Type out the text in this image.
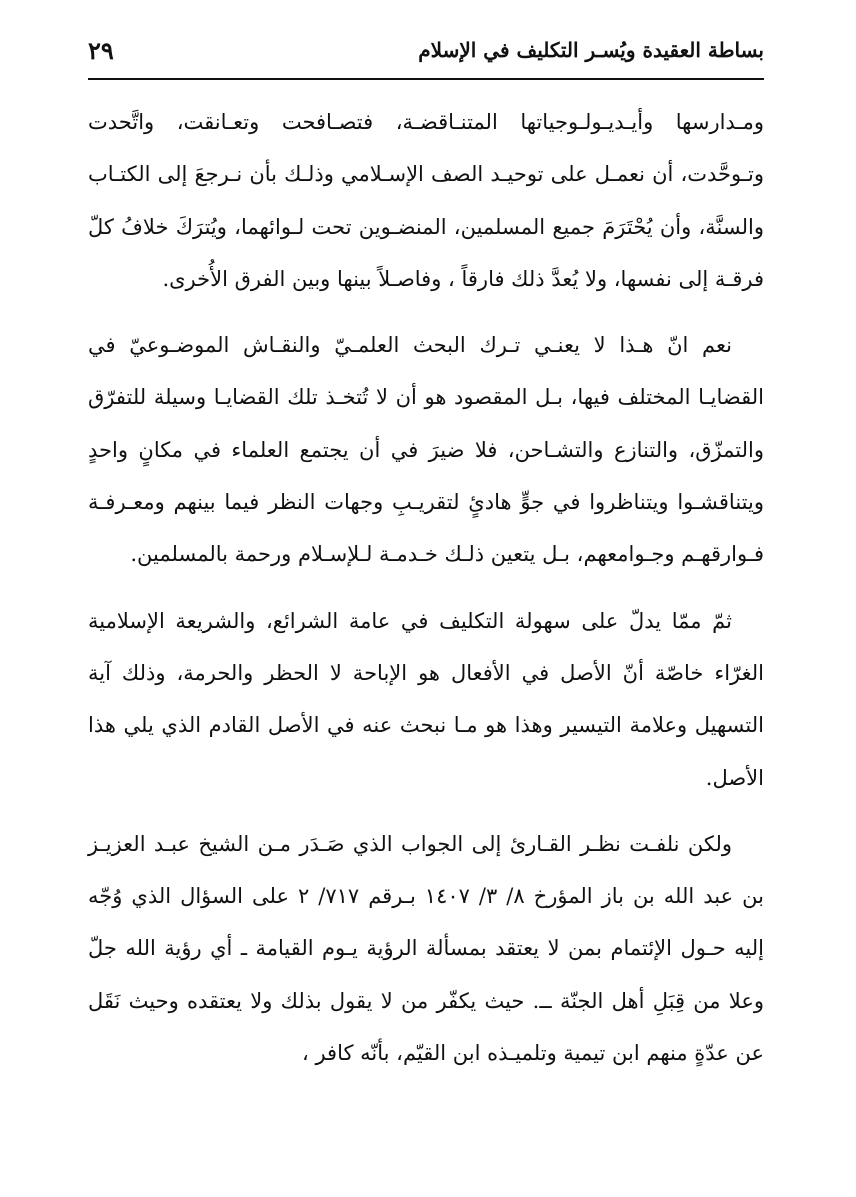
بساطة العقيدة ويُسـر التكليف في الإسلام
٢٩

ومـدارسها وأيـديـولـوجياتها المتنـاقضـة، فتصـافحت وتعـانقت، واتَّحدت وتـوحَّدت، أن نعمـل على توحيـد الصف الإسـلامي وذلـك بأن نـرجعَ إلى الكتـاب والسنَّة، وأن يُحْتَرَمَ جميع المسلمين، المنضـوين تحت لـوائهما، ويُترَكَ خلافُ كلّ فرقـة إلى نفسها، ولا يُعدَّ ذلك فارقاً ، وفاصـلاً بينها وبين الفرق الأُخرى.

نعم انّ هـذا لا يعنـي تـرك البحث العلمـيّ والنقـاش الموضـوعيّ في القضايـا المختلف فيها، بـل المقصود هو أن لا تُتخـذ تلك القضايـا وسيلة للتفرّق والتمزّق، والتنازع والتشـاحن، فلا ضيرَ في أن يجتمع العلماء في مكانٍ واحدٍ ويتناقشـوا ويتناظروا في جوٍّ هادئٍ لتقريـبِ وجهات النظر فيما بينهم ومعـرفـة فـوارقهـم وجـوامعهم، بـل يتعين ذلـك خـدمـة لـلإسـلام ورحمة بالمسلمين.

ثمّ ممّا يدلّ على سهولة التكليف في عامة الشرائع، والشريعة الإسلامية الغرّاء خاصّة أنّ الأصل في الأفعال هو الإباحة لا الحظر والحرمة، وذلك آية التسهيل وعلامة التيسير وهذا هو مـا نبحث عنه في الأصل القادم الذي يلي هذا الأصل.

ولكن نلفـت نظـر القـارئ إلى الجواب الذي صَـدَر مـن الشيخ عبـد العزيـز بن عبد الله بن باز المؤرخ ٨/ ٣/ ١٤٠٧ بـرقم ٧١٧/ ٢ على السؤال الذي وُجّه إليه حـول الإئتمام بمن لا يعتقد بمسألة الرؤية يـوم القيامة ـ أي رؤية الله جلّ وعلا من قِبَلِ أهل الجنّة ــ. حيث يكفّر من لا يقول بذلك ولا يعتقده وحيث نَقَل عن عدّةٍ منهم ابن تيمية وتلميـذه ابن القيّم، بأنّه كافر ،
